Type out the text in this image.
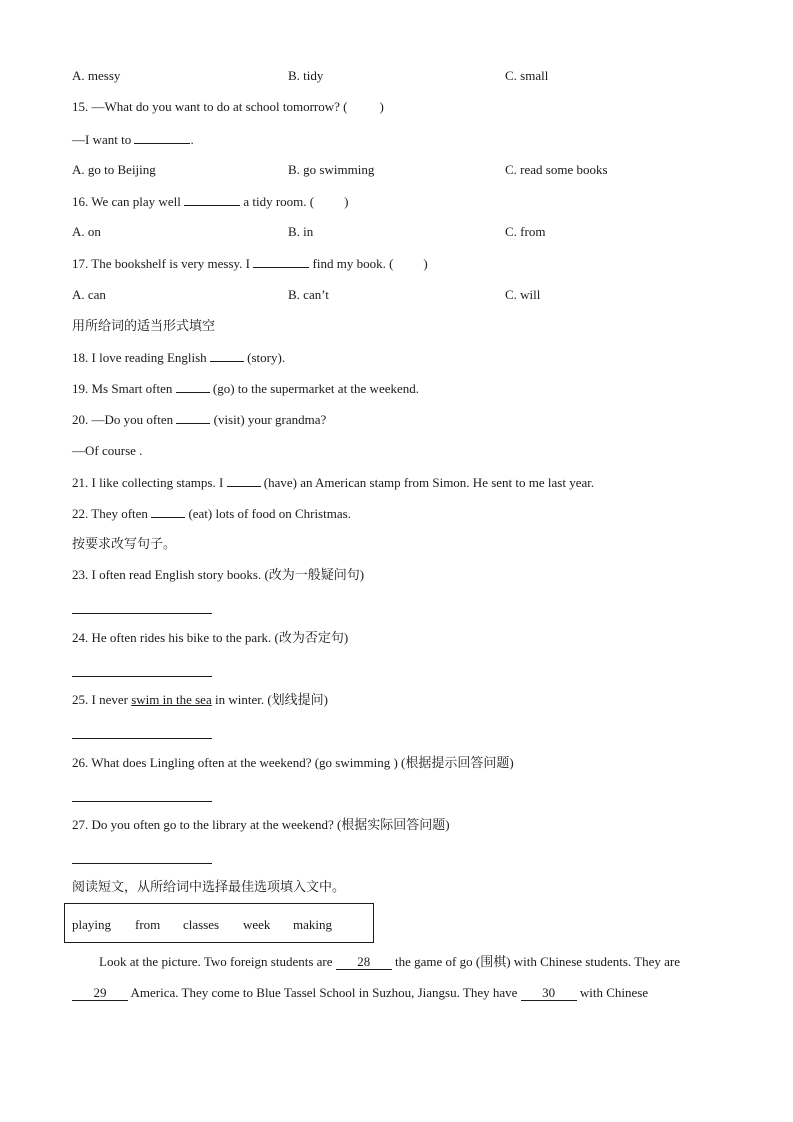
A. messy	B. tidy	C. small
15. —What do you want to do at school tomorrow? ( )
—I want to	.
A. go to Beijing	B. go swimming	C. read some books
16. We can play well	a tidy room. ( )
A. on	B. in	C. from
17. The bookshelf is very messy. I	find my book. ( )
A. can	B. can’t	C. will
用所给词的适当形式填空
18. I love reading English	(story).
19. Ms Smart often	(go) to the supermarket at the weekend.
20. —Do you often	(visit) your grandma?
—Of course .
21. I like collecting stamps. I	(have) an American stamp from Simon. He sent to me last year.
22. They often	(eat) lots of food on Christmas.
按要求改写句子。
23. I often read English story books. (改为一般疑问句)
24. He often rides his bike to the park. (改为否定句)
25. I never swim in the sea in winter. (划线提问)
26. What does Lingling often at the weekend? (go swimming ) (根据提示回答问题)
27. Do you often go to the library at the weekend? (根据实际回答问题)
阅读短文，从所给词中选择最佳选项填入文中。
playing from classes week making
Look at the picture. Two foreign students are 28 the game of go (围棋) with Chinese students. They are
29 America. They come to Blue Tassel School in Suzhou, Jiangsu. They have 30 with Chinese
